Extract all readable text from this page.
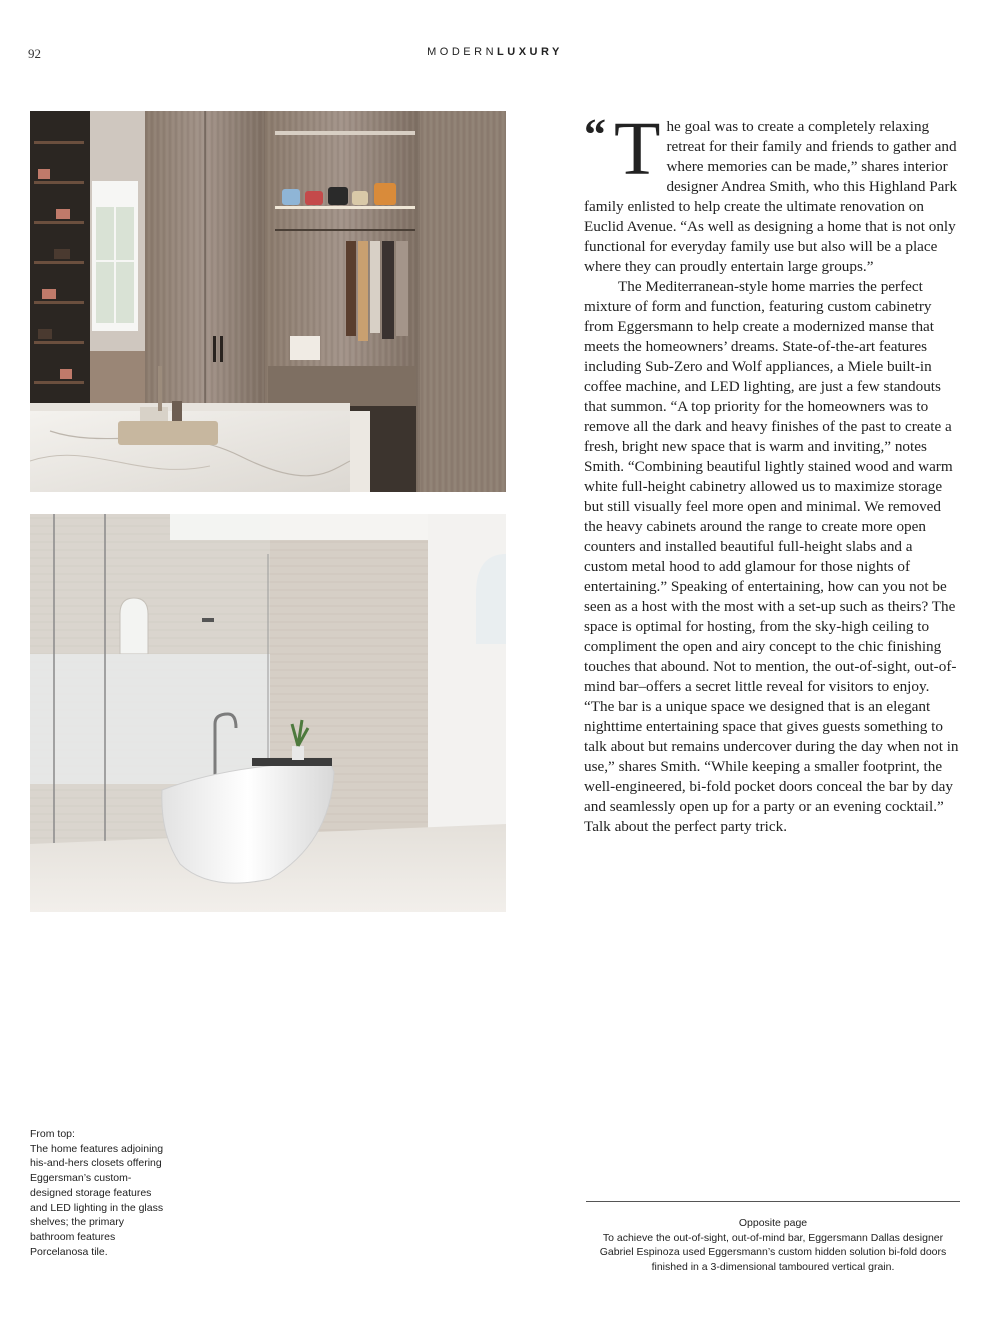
92	MODERNLUXURY

“ T he goal was to create a completely relaxing retreat for their family and friends to gather and where memories can be made,” shares interior designer Andrea Smith, who this Highland Park family enlisted to help create the ultimate renovation on Euclid Avenue. “As well as designing a home that is not only functional for everyday family use but also will be a place where they can proudly entertain large groups.”

The Mediterranean-style home marries the perfect mixture of form and function, featuring custom cabinetry from Eggersmann to help create a modernized manse that meets the homeowners’ dreams. State-of-the-art features including Sub-Zero and Wolf appliances, a Miele built-in coffee machine, and LED lighting, are just a few standouts that summon. “A top priority for the homeowners was to remove all the dark and heavy finishes of the past to create a fresh, bright new space that is warm and inviting,” notes Smith. “Combining beautiful lightly stained wood and warm white full-height cabinetry allowed us to maximize storage but still visually feel more open and minimal. We removed the heavy cabinets around the range to create more open counters and installed beautiful full-height slabs and a custom metal hood to add glamour for those nights of entertaining.” Speaking of entertaining, how can you not be seen as a host with the most with a set-up such as theirs? The space is optimal for hosting, from the sky-high ceiling to compliment the open and airy concept to the chic finishing touches that abound. Not to mention, the out-of-sight, out-of-mind bar–offers a secret little reveal for visitors to enjoy. “The bar is a unique space we designed that is an elegant nighttime entertaining space that gives guests something to talk about but remains undercover during the day when not in use,” shares Smith. “While keeping a smaller footprint, the well-engineered, bi-fold pocket doors conceal the bar by day and seamlessly open up for a party or an evening cocktail.” Talk about the perfect party trick.

From top:
The home features adjoining his-and-hers closets offering Eggersman’s custom-designed storage features and LED lighting in the glass shelves; the primary bathroom features Porcelanosa tile.
Opposite page
To achieve the out-of-sight, out-of-mind bar, Eggersmann Dallas designer Gabriel Espinoza used Eggersmann’s custom hidden solution bi-fold doors finished in a 3-dimensional tamboured vertical grain.
